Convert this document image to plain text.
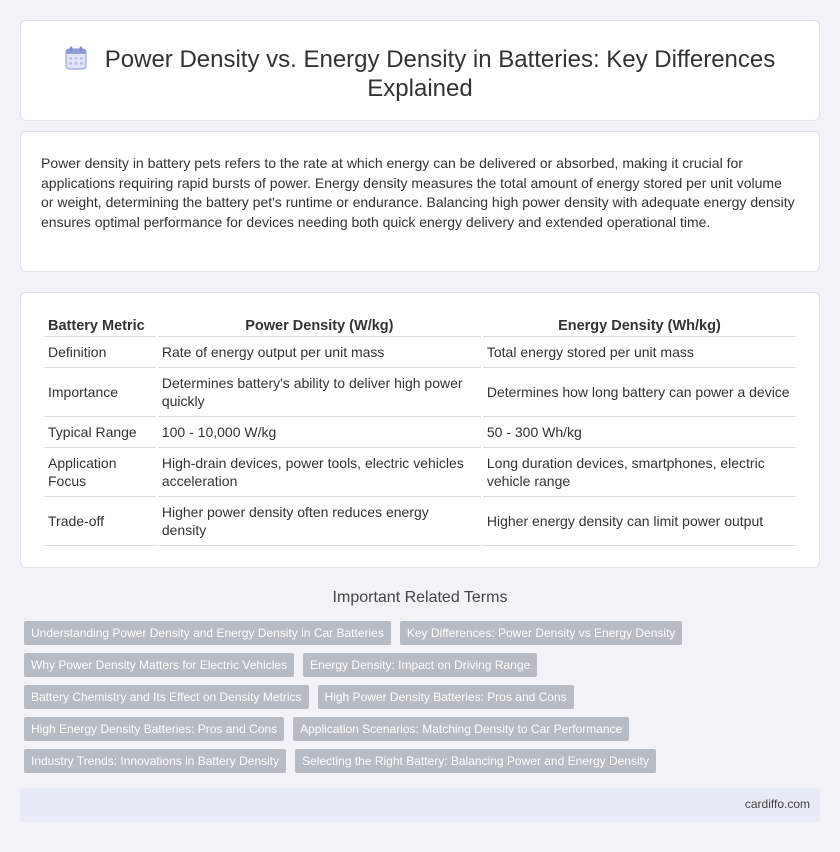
Power Density vs. Energy Density in Batteries: Key Differences Explained

Power density in battery pets refers to the rate at which energy can be delivered or absorbed, making it crucial for applications requiring rapid bursts of power. Energy density measures the total amount of energy stored per unit volume or weight, determining the battery pet's runtime or endurance. Balancing high power density with adequate energy density ensures optimal performance for devices needing both quick energy delivery and extended operational time.

Battery Metric	Power Density (W/kg)	Energy Density (Wh/kg)
Definition	Rate of energy output per unit mass	Total energy stored per unit mass
Importance	Determines battery's ability to deliver high power quickly	Determines how long battery can power a device
Typical Range	100 - 10,000 W/kg	50 - 300 Wh/kg
Application Focus	High-drain devices, power tools, electric vehicles acceleration	Long duration devices, smartphones, electric vehicle range
Trade-off	Higher power density often reduces energy density	Higher energy density can limit power output
Important Related Terms
Understanding Power Density and Energy Density in Car Batteries	Key Differences: Power Density vs Energy Density
Why Power Density Matters for Electric Vehicles	Energy Density: Impact on Driving Range
Battery Chemistry and Its Effect on Density Metrics	High Power Density Batteries: Pros and Cons
High Energy Density Batteries: Pros and Cons	Application Scenarios: Matching Density to Car Performance
Industry Trends: Innovations in Battery Density	Selecting the Right Battery: Balancing Power and Energy Density
cardiffo.com
